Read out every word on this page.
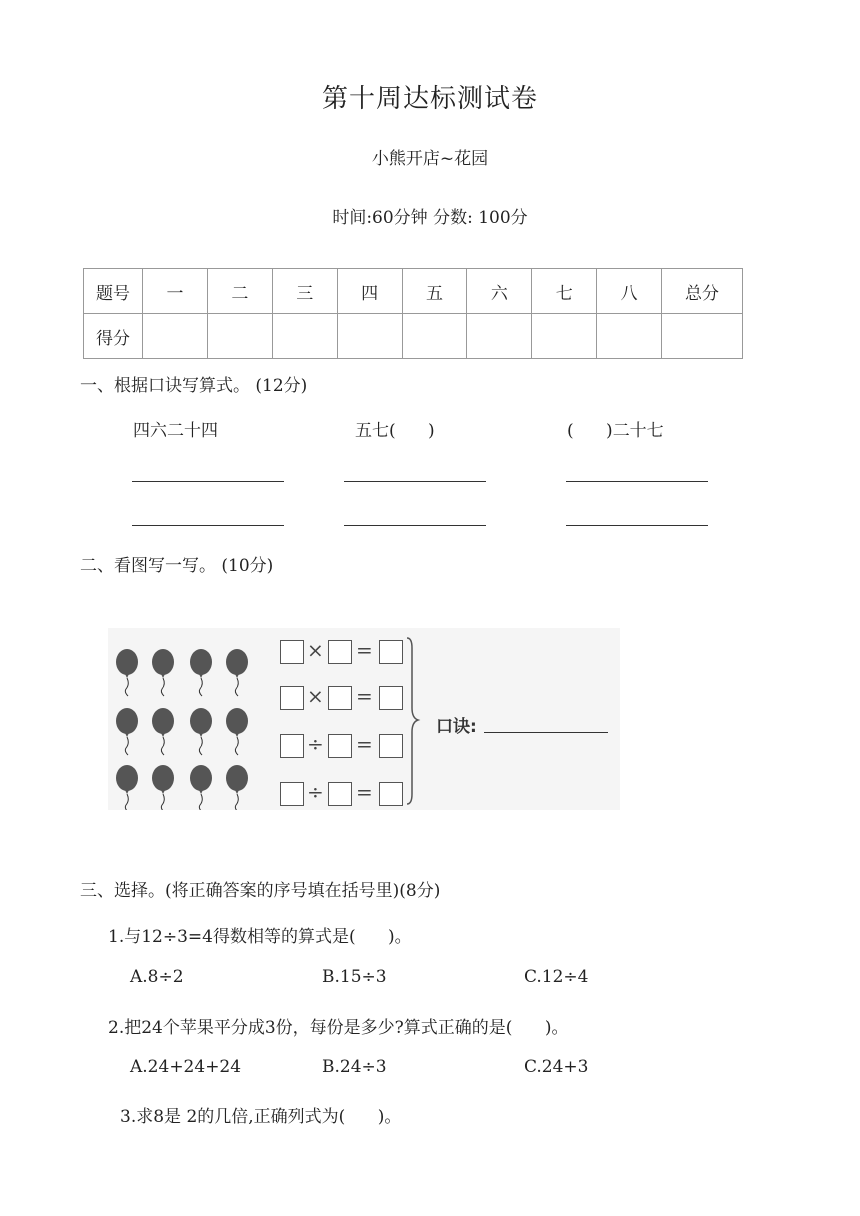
第十周达标测试卷
小熊开店~花园
时间:60分钟 分数: 100分
题号	一	二	三	四	五	六	七	八	总分
得分									
一、根据口诀写算式。 (12分)
四六二十四	五七(      )	(      )二十七
二、看图写一写。 (10分)
× =
× =
÷ =
÷ =
口诀:
三、选择。(将正确答案的序号填在括号里)(8分)
1.与12÷3=4得数相等的算式是(      )。
A.8÷2	B.15÷3	C.12÷4
2.把24个苹果平分成3份，每份是多少?算式正确的是(      )。
A.24+24+24	B.24÷3	C.24+3
3.求8是 2的几倍,正确列式为(      )。
